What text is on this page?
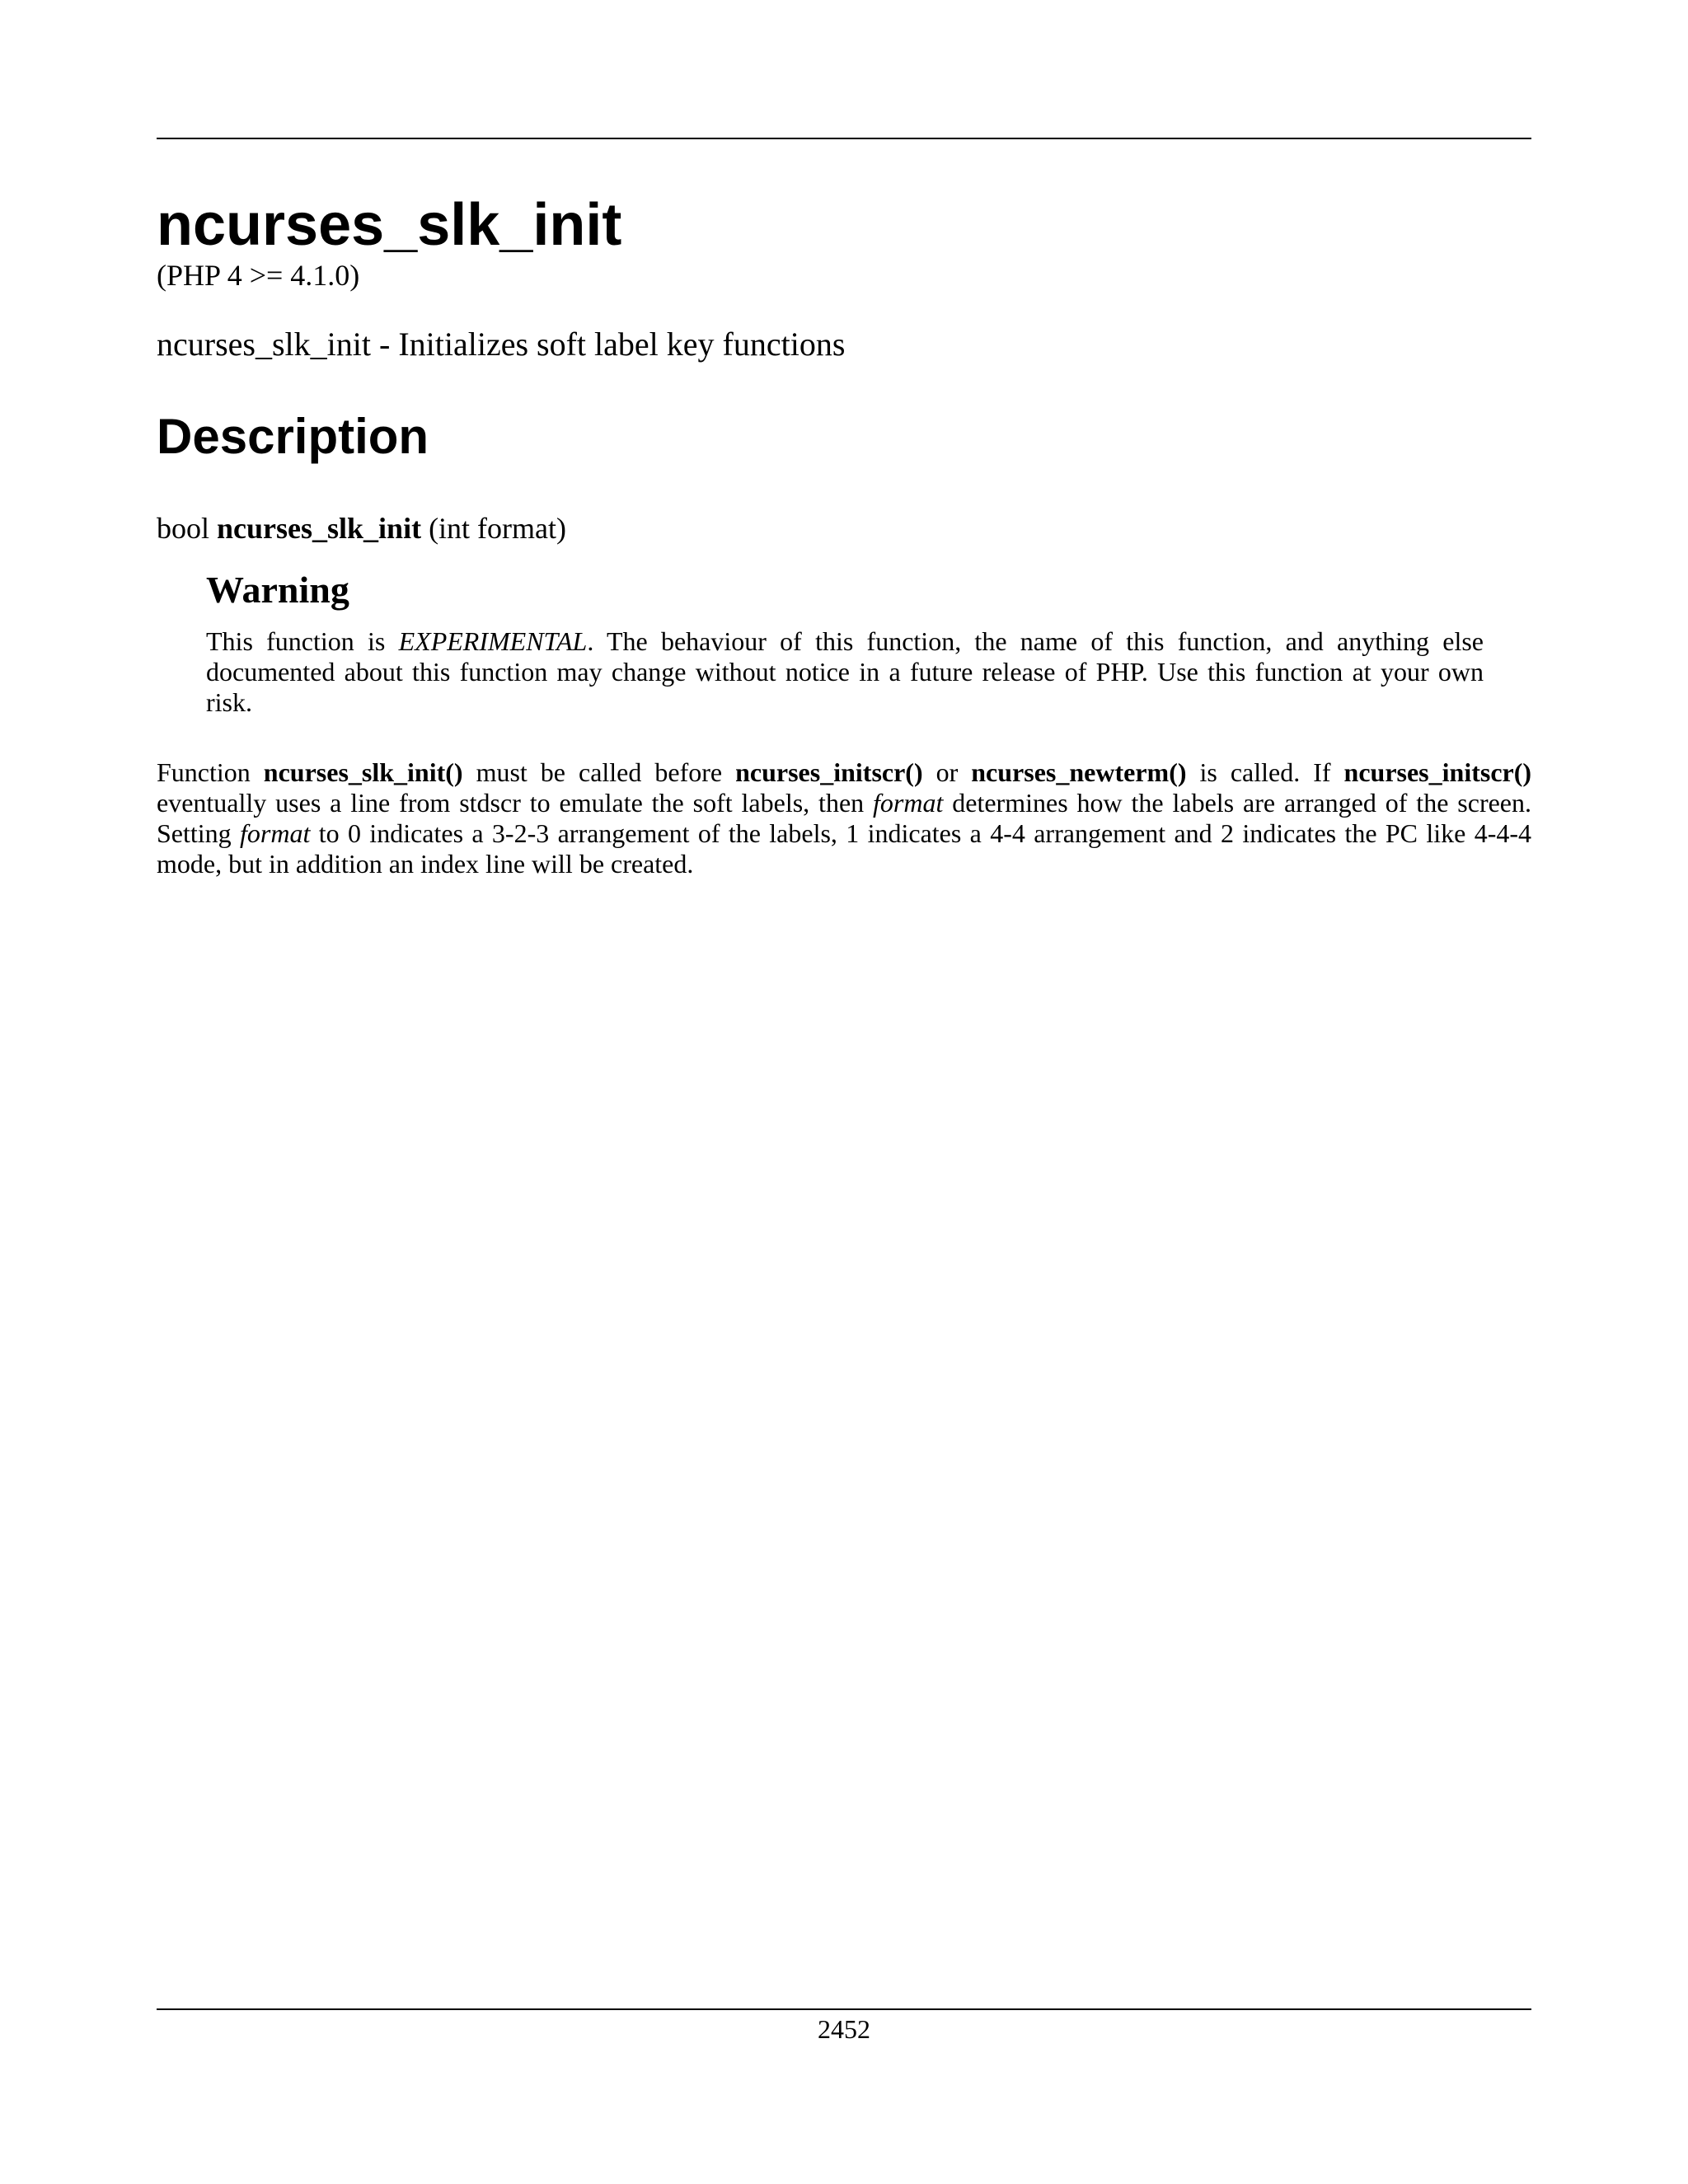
ncurses_slk_init
(PHP 4 >= 4.1.0)
ncurses_slk_init - Initializes soft label key functions
Description
bool ncurses_slk_init (int format)
Warning

This function is EXPERIMENTAL. The behaviour of this function, the name of this function, and anything else documented about this function may change without notice in a future release of PHP. Use this function at your own risk.

Function ncurses_slk_init() must be called before ncurses_initscr() or ncurses_newterm() is called. If ncurses_initscr() eventually uses a line from stdscr to emulate the soft labels, then format determines how the labels are arranged of the screen. Setting format to 0 indicates a 3-2-3 arrangement of the labels, 1 indicates a 4-4 arrangement and 2 indicates the PC like 4-4-4 mode, but in addition an index line will be created.

2452
